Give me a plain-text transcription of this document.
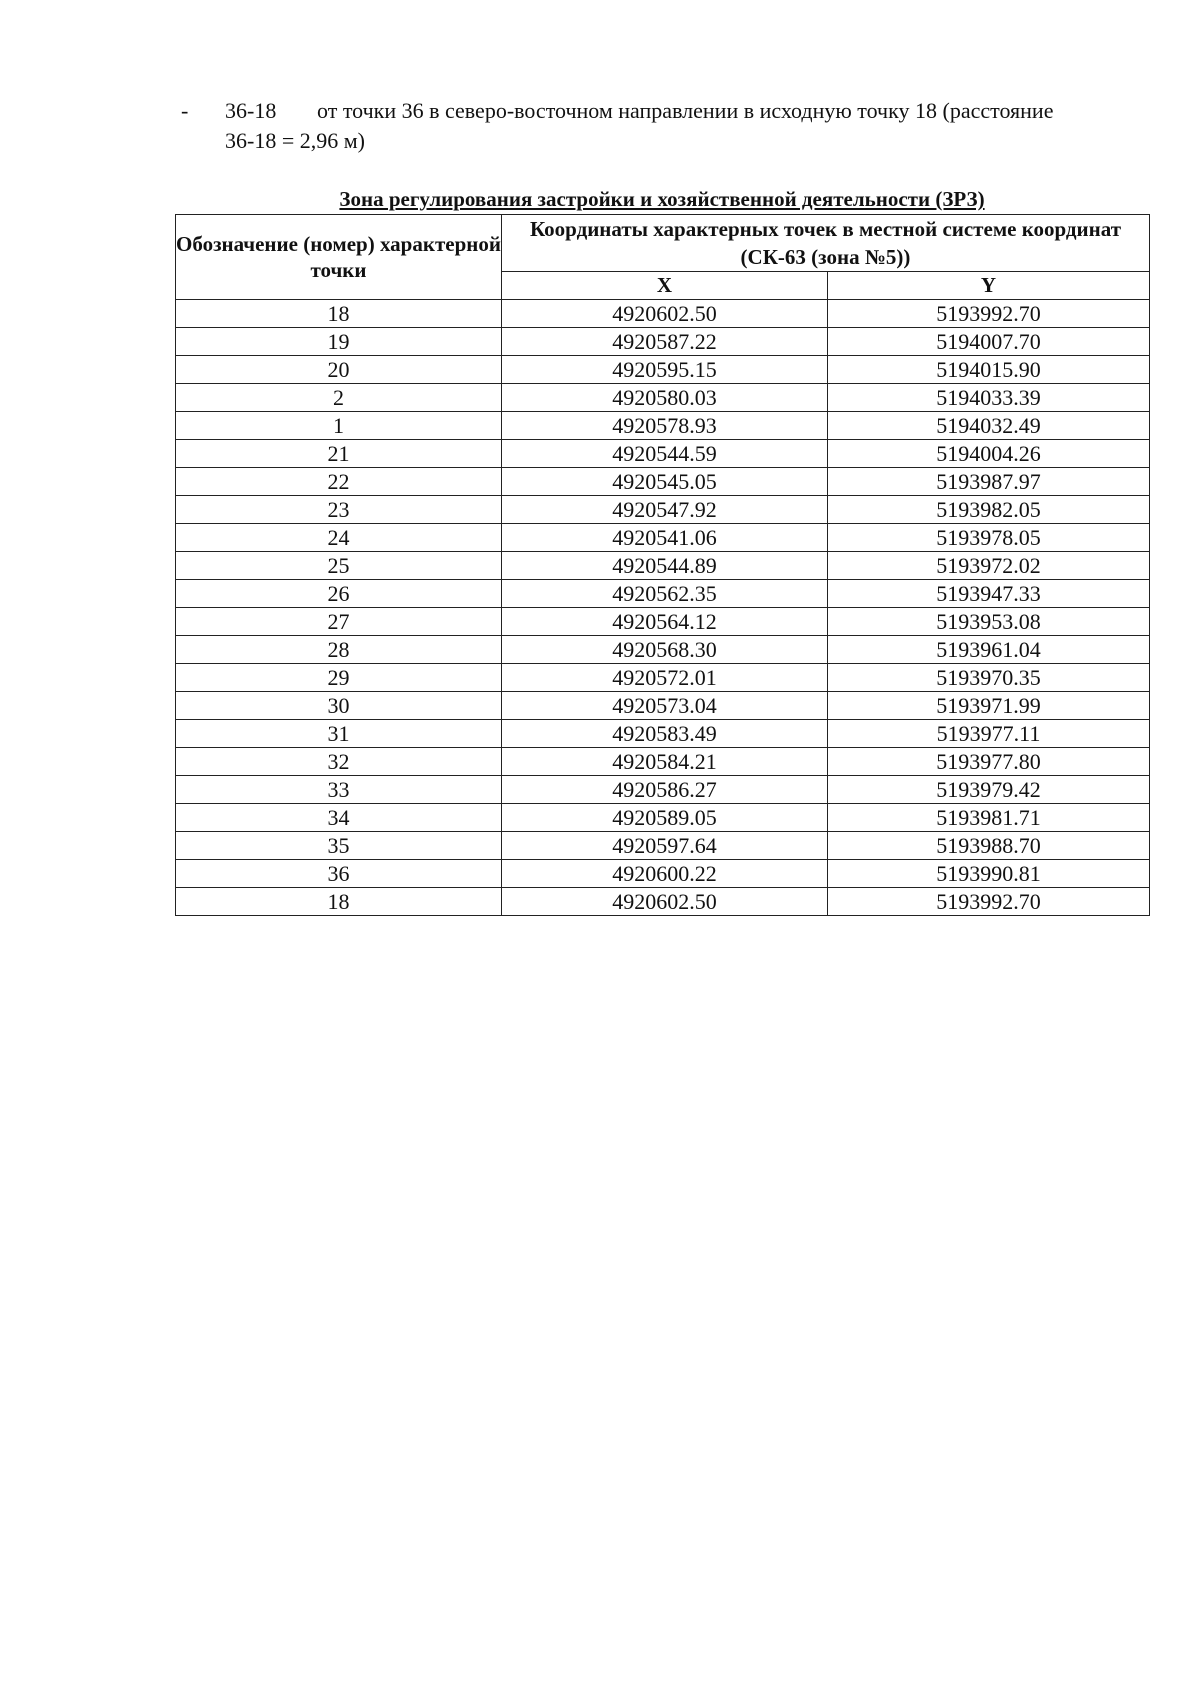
- 36-18 от точки 36 в северо-восточном направлении в исходную точку 18 (расстояние
36-18 = 2,96 м)
Зона регулирования застройки и хозяйственной деятельности (ЗРЗ)
Обозначение (номер) характерной точки	Координаты характерных точек в местной системе координат (СК-63 (зона №5))	
	X	Y
18	4920602.50	5193992.70
19	4920587.22	5194007.70
20	4920595.15	5194015.90
2	4920580.03	5194033.39
1	4920578.93	5194032.49
21	4920544.59	5194004.26
22	4920545.05	5193987.97
23	4920547.92	5193982.05
24	4920541.06	5193978.05
25	4920544.89	5193972.02
26	4920562.35	5193947.33
27	4920564.12	5193953.08
28	4920568.30	5193961.04
29	4920572.01	5193970.35
30	4920573.04	5193971.99
31	4920583.49	5193977.11
32	4920584.21	5193977.80
33	4920586.27	5193979.42
34	4920589.05	5193981.71
35	4920597.64	5193988.70
36	4920600.22	5193990.81
18	4920602.50	5193992.70
